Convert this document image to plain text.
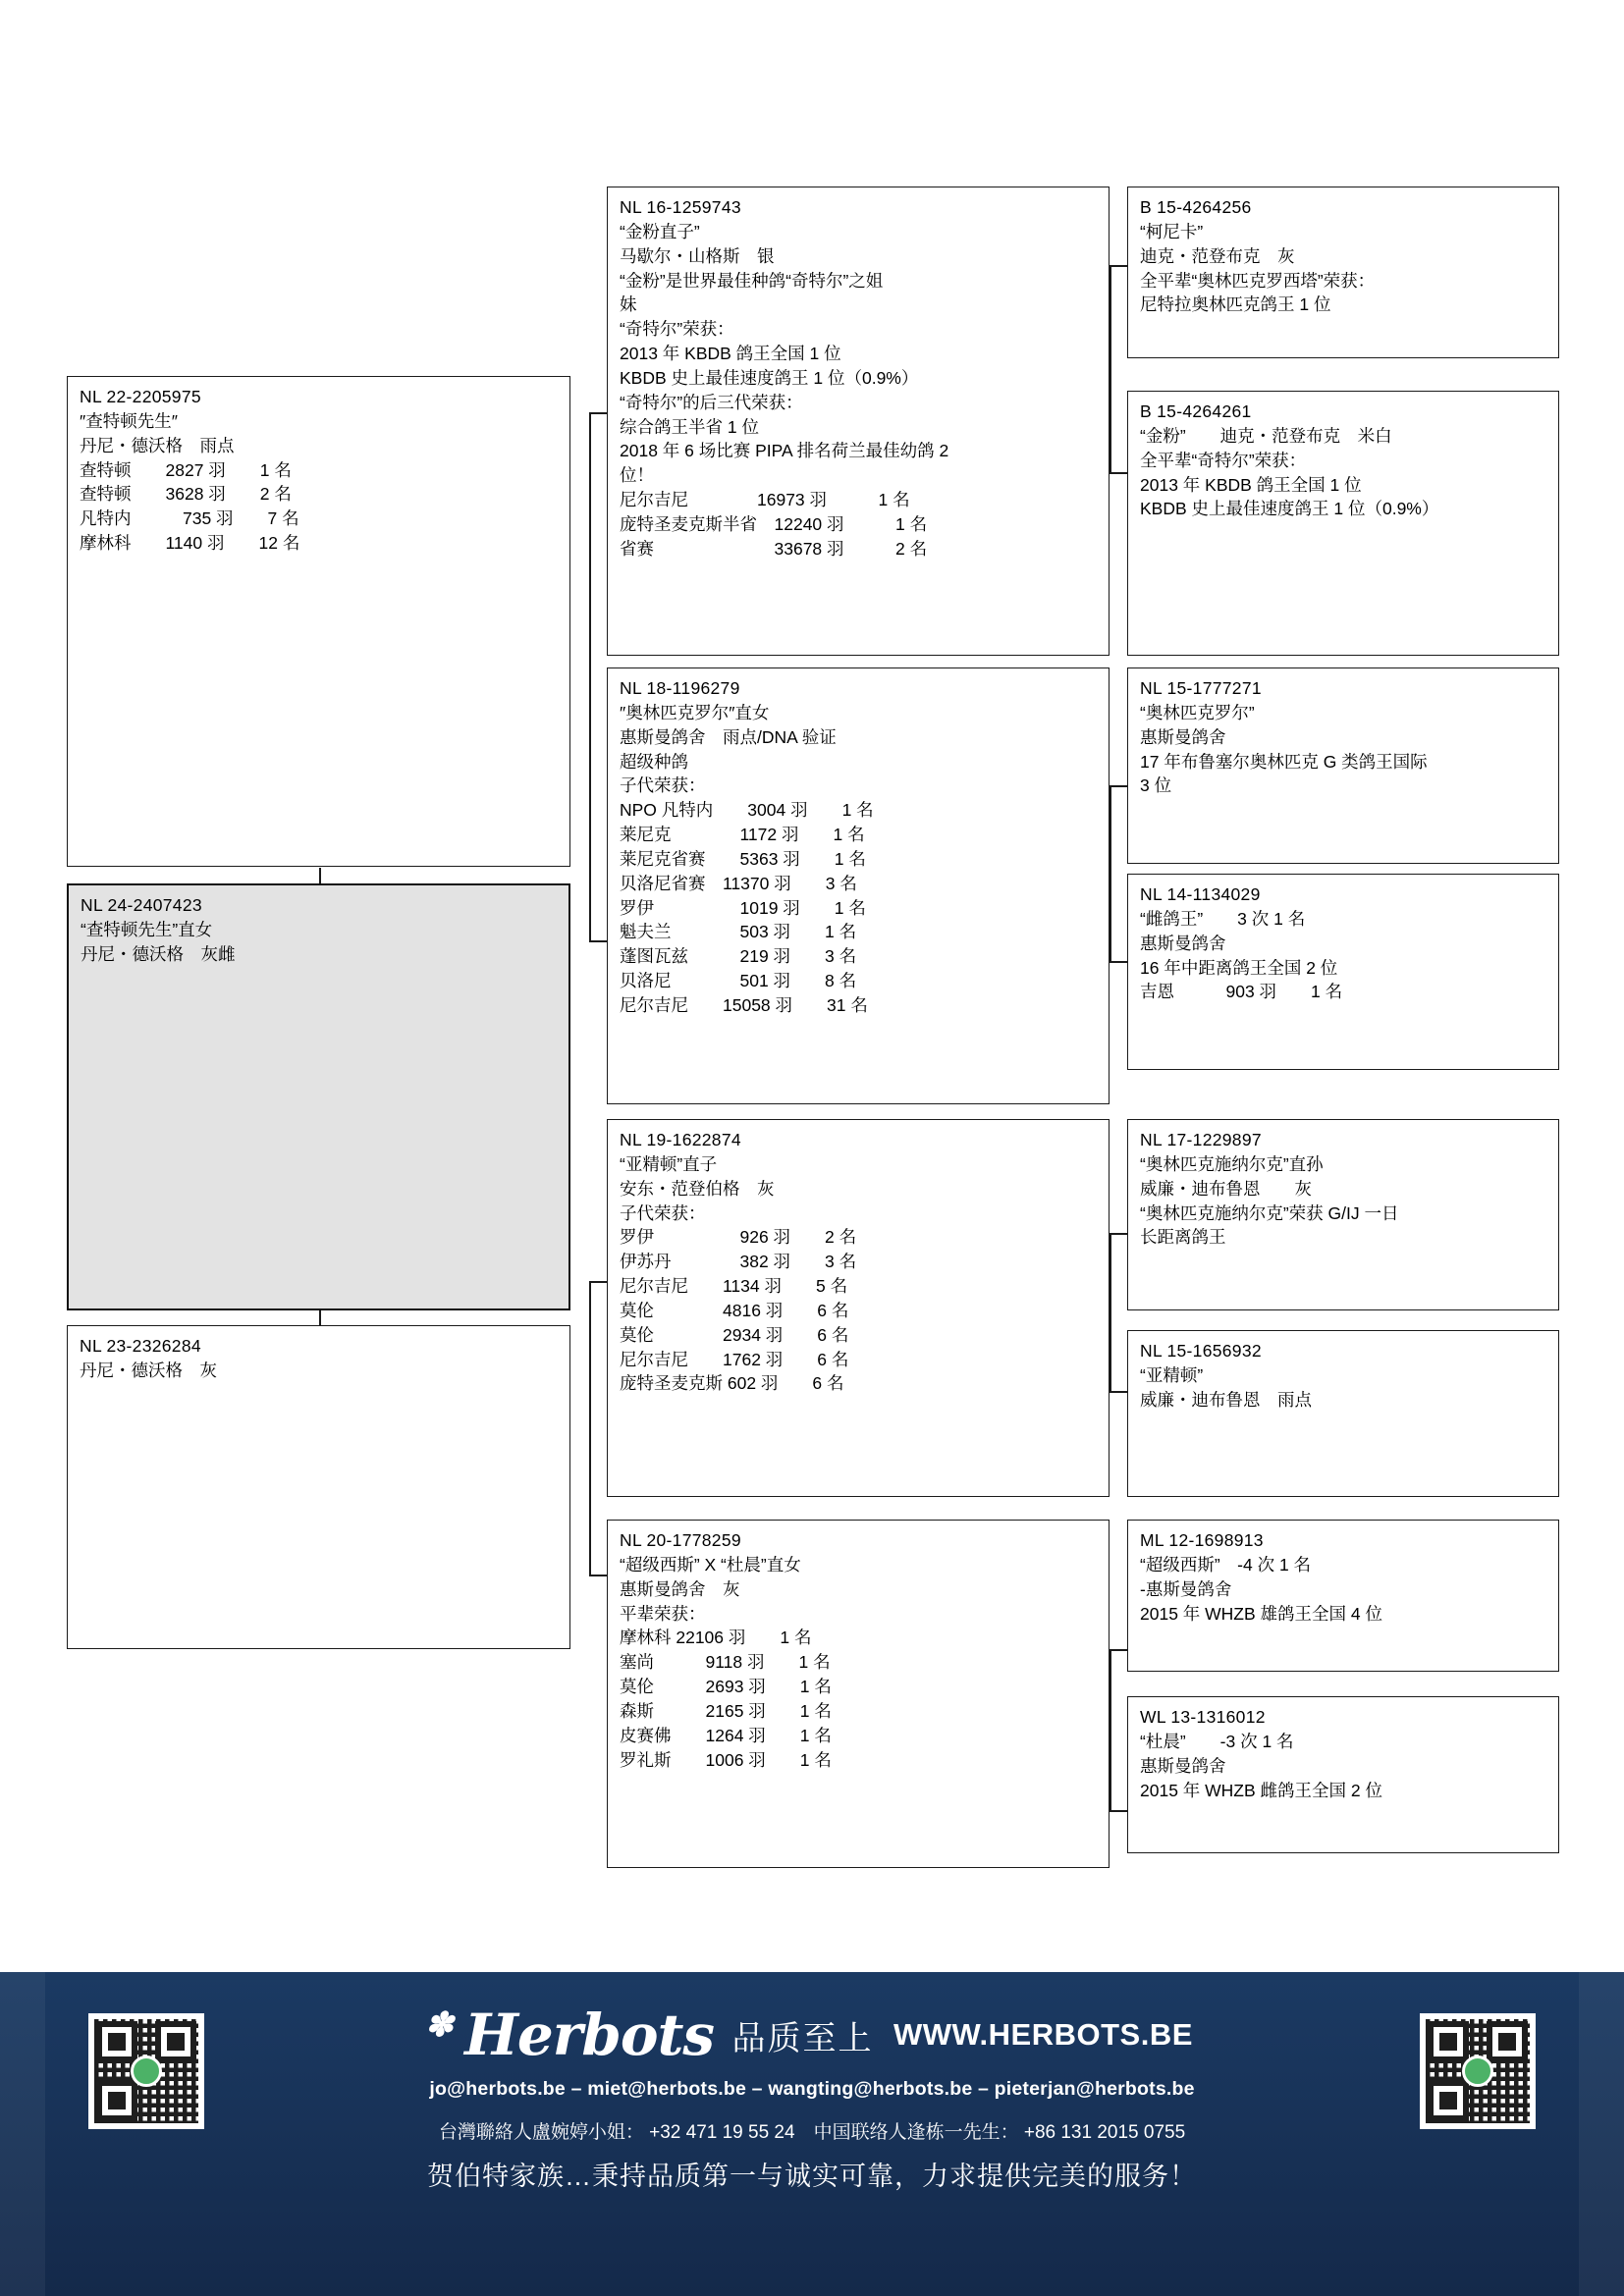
NL 24-2407423
“查特顿先生”直女
丹尼・德沃格　灰雌
NL 22-2205975
″查特顿先生″
丹尼・德沃格　雨点
查特顿　　2827 羽　　1 名
查特顿　　3628 羽　　2 名
凡特内　　　735 羽　　7 名
摩林科　　1140 羽　　12 名
NL 23-2326284
丹尼・德沃格　灰
NL 16-1259743
“金粉直子”
马歇尔・山格斯　银
“金粉”是世界最佳种鸽“奇特尔”之姐
妹
“奇特尔”荣获：
2013 年 KBDB 鸽王全国 1 位
KBDB 史上最佳速度鸽王 1 位（0.9%）
“奇特尔”的后三代荣获：
综合鸽王半省 1 位
2018 年 6 场比赛 PIPA 排名荷兰最佳幼鸽 2
位！
尼尔吉尼　　　　16973 羽　　　1 名
庞特圣麦克斯半省　12240 羽　　　1 名
省赛　　　　　　　33678 羽　　　2 名
NL 18-1196279
″奥林匹克罗尔″直女
惠斯曼鸽舍　雨点/DNA 验证
超级种鸽
子代荣获：
NPO 凡特内　　3004 羽　　1 名
莱尼克　　　　1172 羽　　1 名
莱尼克省赛　　5363 羽　　1 名
贝洛尼省赛　11370 羽　　3 名
罗伊　　　　　1019 羽　　1 名
魁夫兰　　　　503 羽　　1 名
蓬图瓦兹　　　219 羽　　3 名
贝洛尼　　　　501 羽　　8 名
尼尔吉尼　　15058 羽　　31 名
NL 19-1622874
“亚精顿”直子
安东・范登伯格　灰
子代荣获：
罗伊　　　　　926 羽　　2 名
伊苏丹　　　　382 羽　　3 名
尼尔吉尼　　1134 羽　　5 名
莫伦　　　　4816 羽　　6 名
莫伦　　　　2934 羽　　6 名
尼尔吉尼　　1762 羽　　6 名
庞特圣麦克斯 602 羽　　6 名
NL 20-1778259
“超级西斯” X “杜晨”直女
惠斯曼鸽舍　灰
平辈荣获：
摩林科 22106 羽　　1 名
塞尚　　　9118 羽　　1 名
莫伦　　　2693 羽　　1 名
森斯　　　2165 羽　　1 名
皮赛佛　　1264 羽　　1 名
罗礼斯　　1006 羽　　1 名
B 15-4264256
“柯尼卡”
迪克・范登布克　灰
全平辈“奥林匹克罗西塔”荣获：
尼特拉奥林匹克鸽王 1 位
B 15-4264261
“金粉”　　迪克・范登布克　米白
全平辈“奇特尔”荣获：
2013 年 KBDB 鸽王全国 1 位
KBDB 史上最佳速度鸽王 1 位（0.9%）
NL 15-1777271
“奥林匹克罗尔”
惠斯曼鸽舍
17 年布鲁塞尔奥林匹克 G 类鸽王国际
3 位
NL 14-1134029
“雌鸽王”　　3 次 1 名
惠斯曼鸽舍
16 年中距离鸽王全国 2 位
吉恩　　　903 羽　　1 名
NL 17-1229897
“奥林匹克施纳尔克”直孙
威廉・迪布鲁恩　　灰
“奥林匹克施纳尔克”荣获 G/IJ 一日
长距离鸽王
NL 15-1656932
“亚精顿”
威廉・迪布鲁恩　雨点
ML 12-1698913
“超级西斯”　-4 次 1 名
-惠斯曼鸽舍
2015 年 WHZB 雄鸽王全国 4 位
WL 13-1316012
“杜晨”　　-3 次 1 名
惠斯曼鸽舍
2015 年 WHZB 雌鸽王全国 2 位
✽ Herbots 品质至上 WWW.HERBOTS.BE
jo@herbots.be – miet@herbots.be – wangting@herbots.be – pieterjan@herbots.be
台灣聯絡人盧婉婷小姐： +32 471 19 55 24　中国联络人逢栋一先生： +86 131 2015 0755
贺伯特家族…秉持品质第一与诚实可靠，力求提供完美的服务！
